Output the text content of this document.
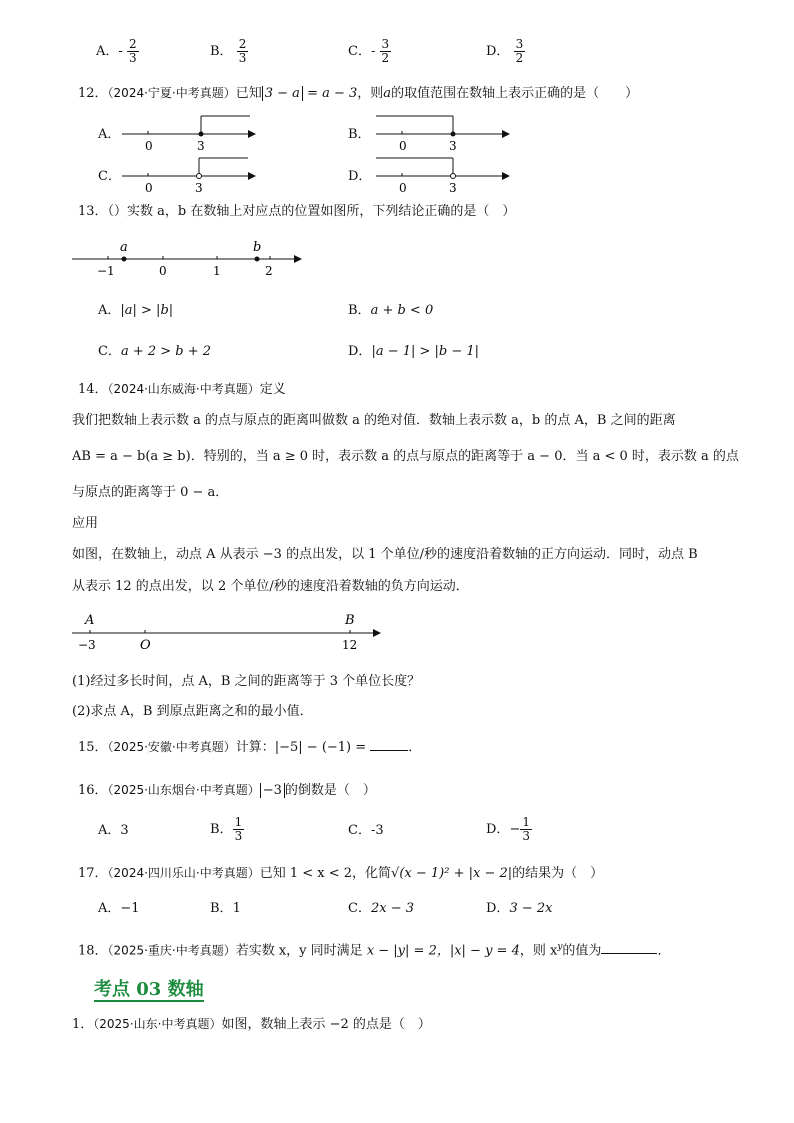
A．- $\frac{2}{3}$	B． $\frac{2}{3}$	C．- $\frac{3}{2}$	D． $\frac{3}{2}$
12．（2024·宁夏·中考真题）已知 3 − a = a − 3，则a的取值范围在数轴上表示正确的是（　　）
A．
0	3
B．
0	3
C．
0	3
D．
0	3
13．（）实数 a，b 在数轴上对应点的位置如图所，下列结论正确的是（　）
a	b
−1	0	1	2
A．|a| > |b|	B．a + b < 0
C．a + 2 > b + 2	D．|a − 1| > |b − 1|
14．（2024·山东威海·中考真题）定义
我们把数轴上表示数 a 的点与原点的距离叫做数 a 的绝对值．数轴上表示数 a，b 的点 A，B 之间的距离
AB = a − b(a ≥ b)．特别的，当 a ≥ 0 时，表示数 a 的点与原点的距离等于 a − 0．当 a < 0 时，表示数 a 的点
与原点的距离等于 0 − a．
应用
如图，在数轴上，动点 A 从表示 −3 的点出发，以 1 个单位/秒的速度沿着数轴的正方向运动．同时，动点 B
从表示 12 的点出发，以 2 个单位/秒的速度沿着数轴的负方向运动．
A	B
−3	O	12
(1)经过多长时间，点 A，B 之间的距离等于 3 个单位长度？
(2)求点 A，B 到原点距离之和的最小值．
15．（2025·安徽·中考真题）计算：|−5| − (−1) =	．
16．（2025·山东烟台·中考真题） −3 的倒数是（　）
A．3	B． $\frac{1}{3}$	C．-3	D．− $\frac{1}{3}$
17．（2024·四川乐山·中考真题）已知 1 < x < 2，化简√(x − 1)² + |x − 2|的结果为（　）
A．−1	B．1	C．2x − 3	D．3 − 2x
18．（2025·重庆·中考真题）若实数 x，y 同时满足 x − |y| = 2，|x| − y = 4，则 $x^y$的值为	．
考点 03 数轴
1．（2025·山东·中考真题）如图，数轴上表示 −2 的点是（　）
